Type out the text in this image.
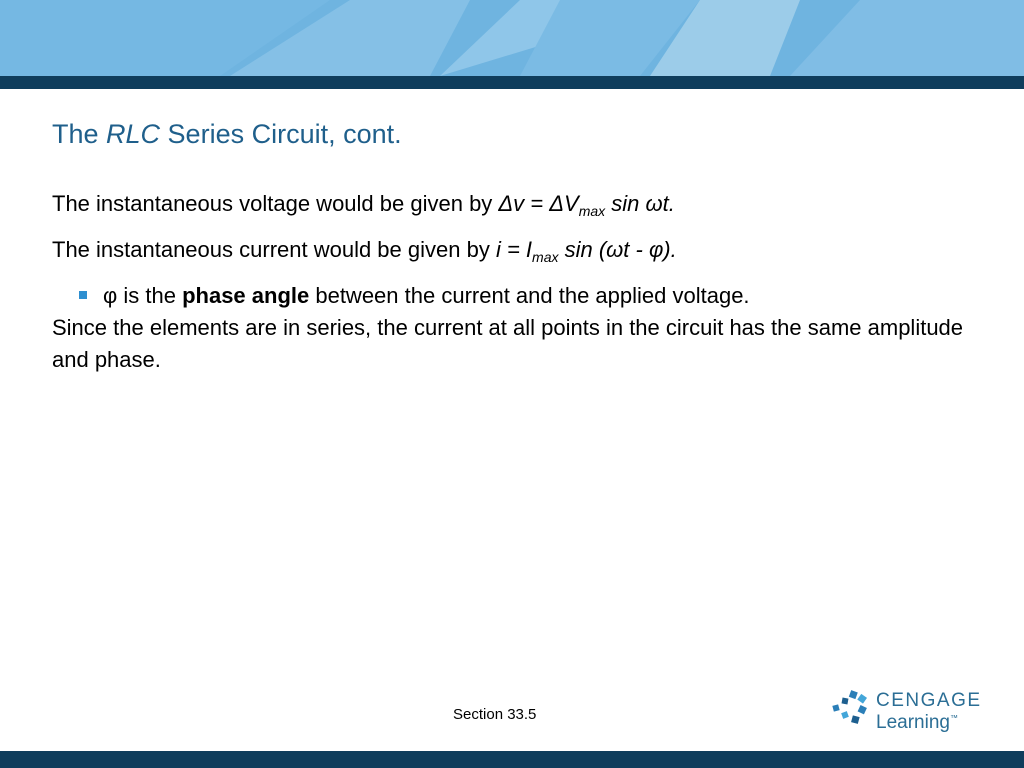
The RLC Series Circuit, cont.

The instantaneous voltage would be given by $\Delta v = \Delta V_{max}$ sin ωt.

The instantaneous current would be given by $i = I_{max}$ sin (ωt - φ).

φ is the phase angle between the current and the applied voltage.

Since the elements are in series, the current at all points in the circuit has the same amplitude and phase.

Section 33.5
CENGAGE
Learning™
